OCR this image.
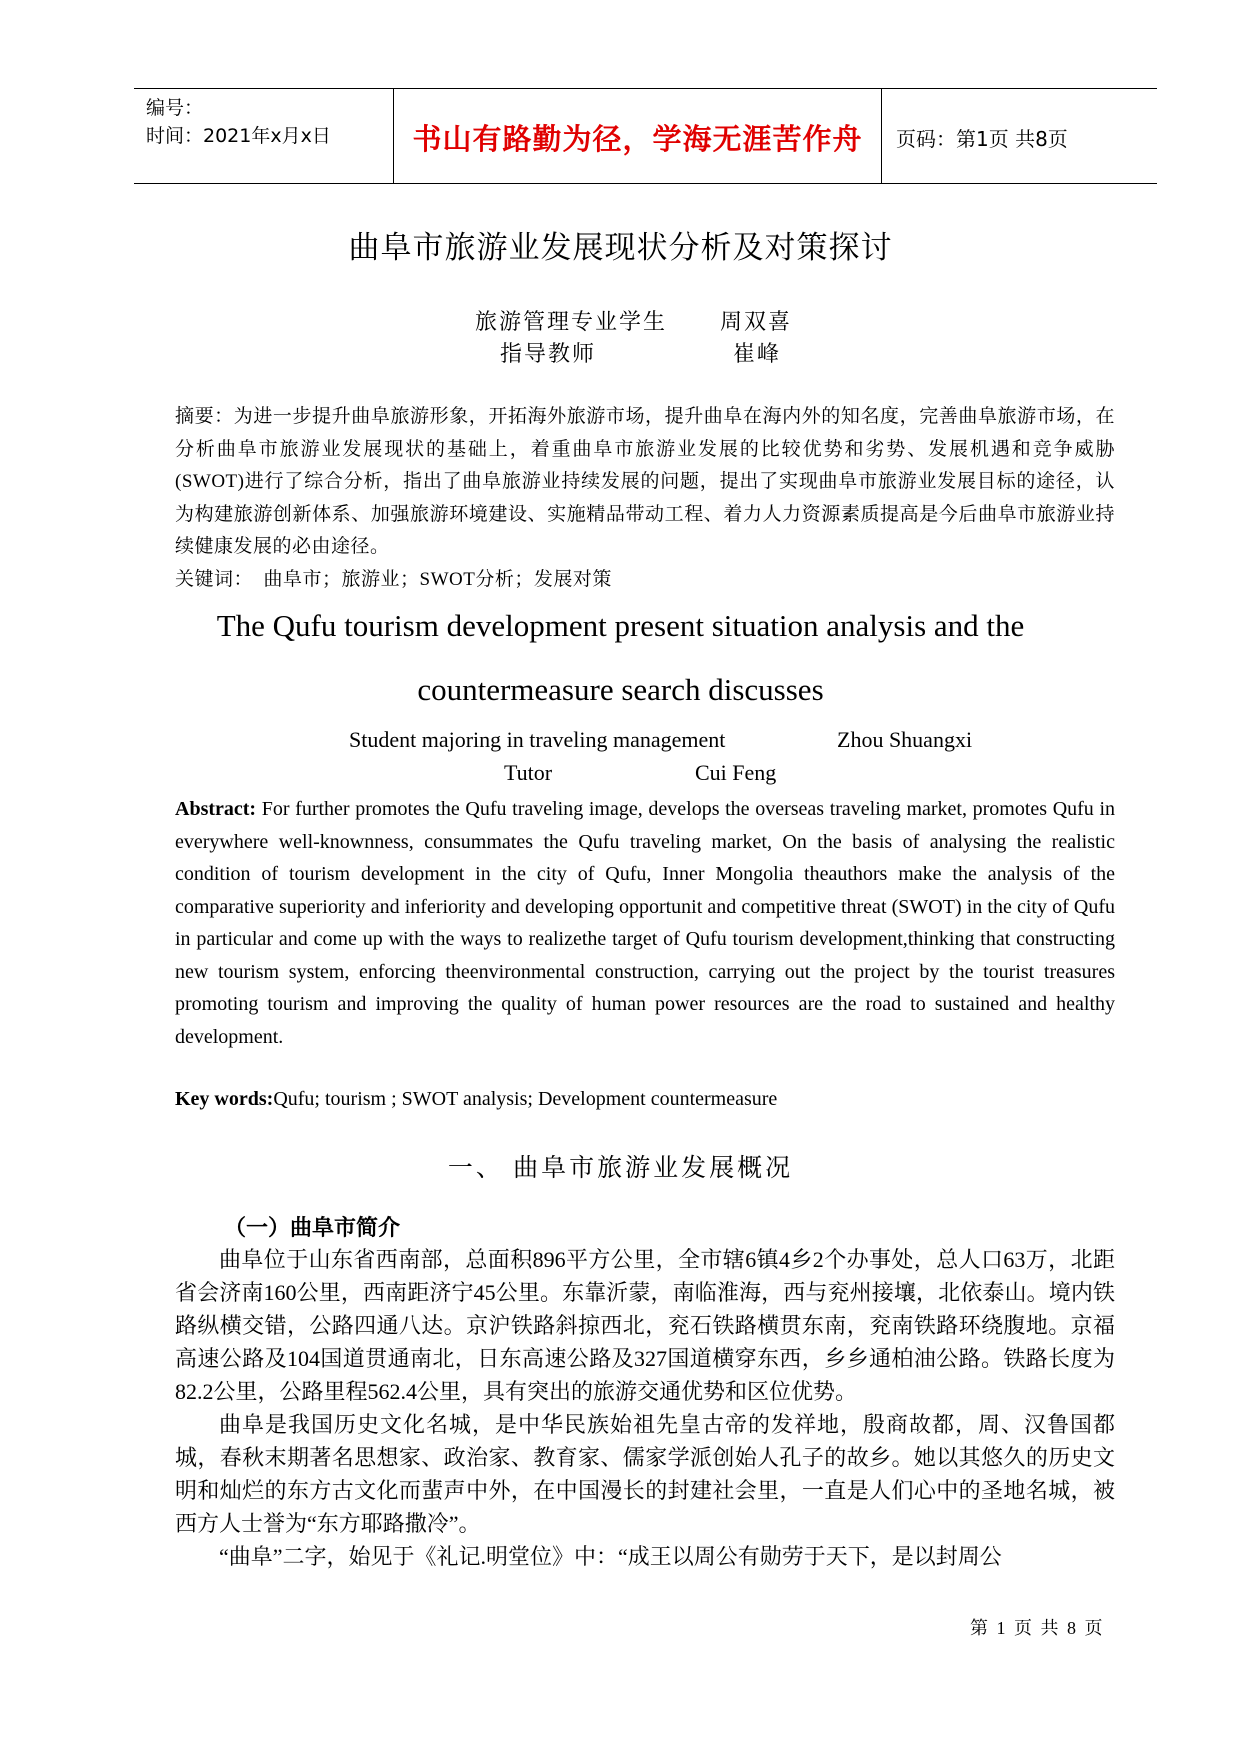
编号：
时间：2021年x月x日	书山有路勤为径，学海无涯苦作舟	页码：第1页 共8页
曲阜市旅游业发展现状分析及对策探讨
旅游管理专业学生 周双喜
指导教师	崔峰
摘要：为进一步提升曲阜旅游形象，开拓海外旅游市场，提升曲阜在海内外的知名度，完善曲阜旅游市场，在分析曲阜市旅游业发展现状的基础上，着重曲阜市旅游业发展的比较优势和劣势、发展机遇和竞争威胁(SWOT)进行了综合分析，指出了曲阜旅游业持续发展的问题，提出了实现曲阜市旅游业发展目标的途径，认为构建旅游创新体系、加强旅游环境建设、实施精品带动工程、着力人力资源素质提高是今后曲阜市旅游业持续健康发展的必由途径。
关键词： 曲阜市；旅游业；SWOT分析；发展对策
The Qufu tourism development present situation analysis and the
countermeasure search discusses
Student majoring in traveling management	Zhou Shuangxi
Tutor	Cui Feng
Abstract: For further promotes the Qufu traveling image, develops the overseas traveling market, promotes Qufu in everywhere well-knownness, consummates the Qufu traveling market, On the basis of analysing the realistic condition of tourism development in the city of Qufu, Inner Mongolia theauthors make the analysis of the comparative superiority and inferiority and developing opportunit and competitive threat (SWOT) in the city of Qufu in particular and come up with the ways to realizethe target of Qufu tourism development,thinking that constructing new tourism system, enforcing theenvironmental construction, carrying out the project by the tourist treasures promoting tourism and improving the quality of human power resources are the road to sustained and healthy development.
Key words:Qufu; tourism ; SWOT analysis; Development countermeasure
一、 曲阜市旅游业发展概况
（一）曲阜市简介

曲阜位于山东省西南部，总面积896平方公里，全市辖6镇4乡2个办事处，总人口63万，北距省会济南160公里，西南距济宁45公里。东靠沂蒙，南临淮海，西与兖州接壤，北依泰山。境内铁路纵横交错，公路四通八达。京沪铁路斜掠西北，兖石铁路横贯东南，兖南铁路环绕腹地。京福高速公路及104国道贯通南北，日东高速公路及327国道横穿东西，乡乡通柏油公路。铁路长度为82.2公里，公路里程562.4公里，具有突出的旅游交通优势和区位优势。

曲阜是我国历史文化名城，是中华民族始祖先皇古帝的发祥地，殷商故都，周、汉鲁国都城，春秋末期著名思想家、政治家、教育家、儒家学派创始人孔子的故乡。她以其悠久的历史文明和灿烂的东方古文化而蜚声中外，在中国漫长的封建社会里，一直是人们心中的圣地名城，被西方人士誉为“东方耶路撒冷”。

“曲阜”二字，始见于《礼记.明堂位》中：“成王以周公有勋劳于天下，是以封周公

第 1 页 共 8 页
